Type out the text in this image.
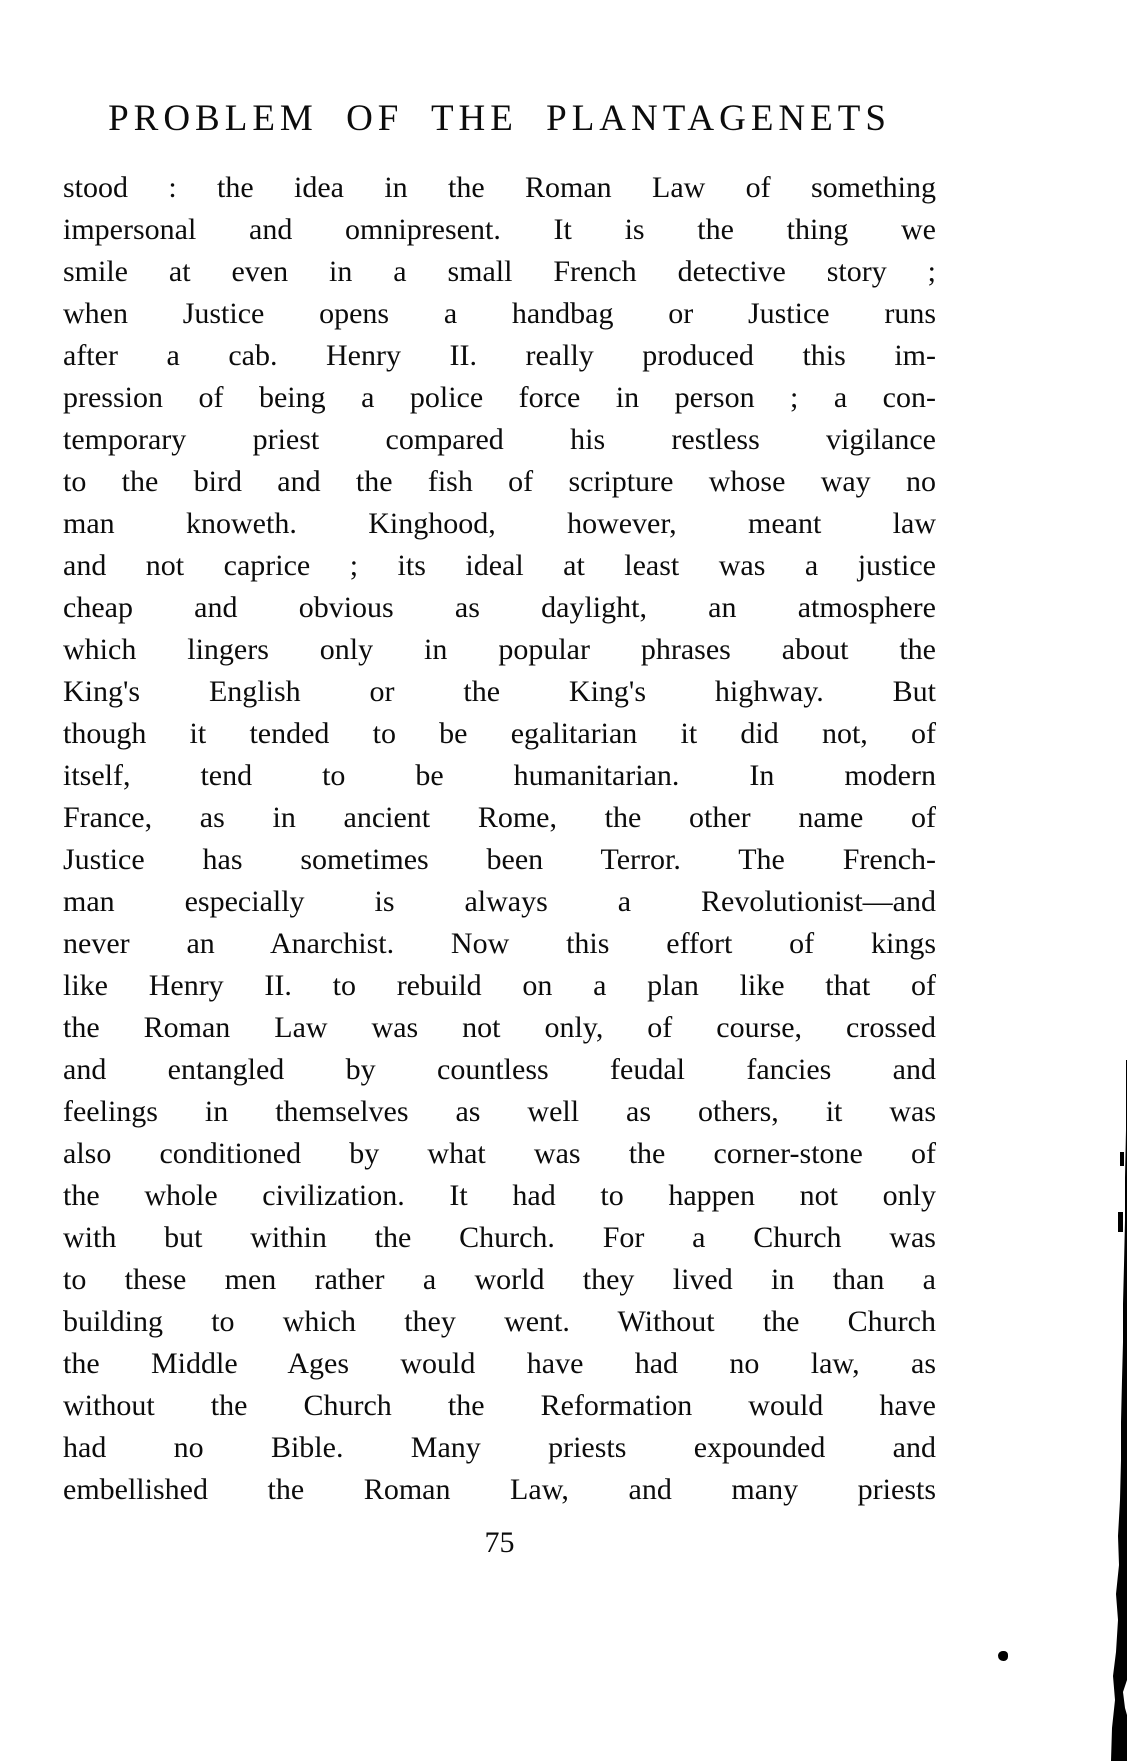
PROBLEM OF THE PLANTAGENETS
stood : the idea in the Roman Law of something
impersonal and omnipresent. It is the thing we
smile at even in a small French detective story ;
when Justice opens a handbag or Justice runs
after a cab. Henry II. really produced this im-
pression of being a police force in person ; a con-
temporary priest compared his restless vigilance
to the bird and the fish of scripture whose way no
man knoweth. Kinghood, however, meant law
and not caprice ; its ideal at least was a justice
cheap and obvious as daylight, an atmosphere
which lingers only in popular phrases about the
King's English or the King's highway. But
though it tended to be egalitarian it did not, of
itself, tend to be humanitarian. In modern
France, as in ancient Rome, the other name of
Justice has sometimes been Terror. The French-
man especially is always a Revolutionist—and
never an Anarchist. Now this effort of kings
like Henry II. to rebuild on a plan like that of
the Roman Law was not only, of course, crossed
and entangled by countless feudal fancies and
feelings in themselves as well as others, it was
also conditioned by what was the corner-stone of
the whole civilization. It had to happen not only
with but within the Church. For a Church was
to these men rather a world they lived in than a
building to which they went. Without the Church
the Middle Ages would have had no law, as
without the Church the Reformation would have
had no Bible. Many priests expounded and
embellished the Roman Law, and many priests
75
